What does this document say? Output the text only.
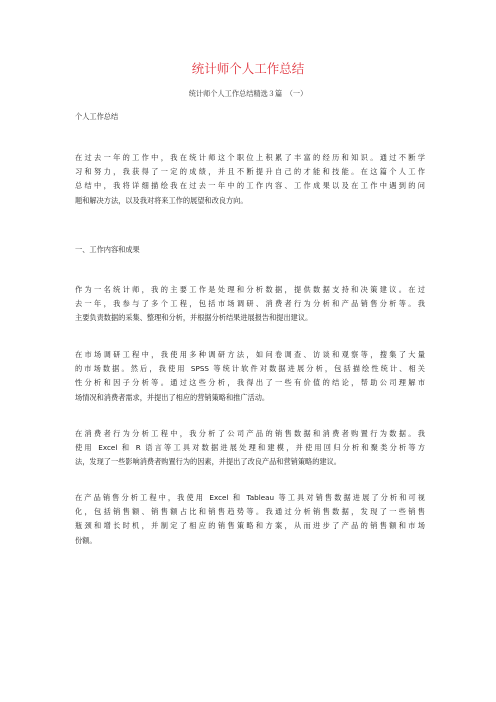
统计师个人工作总结
统计师个人工作总结精选３篇　（一）
个人工作总结
在过去一年的工作中，我在统计师这个职位上积累了丰富的经历和知识。通过不断学
习和努力，我获得了一定的成绩，并且不断提升自己的才能和技能。在这篇个人工作
总结中，我将详细描绘我在过去一年中的工作内容、工作成果以及在工作中遇到的问
题和解决方法，以及我对将来工作的展望和改良方向。
一、工作内容和成果
作为一名统计师，我的主要工作是处理和分析数据，提供数据支持和决策建议。在过
去一年，我参与了多个工程，包括市场调研、消费者行为分析和产品销售分析等。我
主要负责数据的采集、整理和分析，并根据分析结果进展报告和提出建议。
在市场调研工程中，我使用多种调研方法，如问卷调查、访谈和观察等，搜集了大量
的市场数据。然后，我使用 SPSS 等统计软件对数据进展分析，包括描绘性统计、相关
性分析和因子分析等。通过这些分析，我得出了一些有价值的结论，帮助公司理解市
场情况和消费者需求，并提出了相应的营销策略和推广活动。
在消费者行为分析工程中，我分析了公司产品的销售数据和消费者购置行为数据。我
使用 Excel 和 R 语言等工具对数据进展处理和建模，并使用回归分析和聚类分析等方
法，发现了一些影响消费者购置行为的因素，并提出了改良产品和营销策略的建议。
在产品销售分析工程中，我使用 Excel 和 Tableau 等工具对销售数据进展了分析和可视
化，包括销售额、销售额占比和销售趋势等。我通过分析销售数据，发现了一些销售
瓶颈和增长时机，并制定了相应的销售策略和方案，从而进步了产品的销售额和市场
份额。
